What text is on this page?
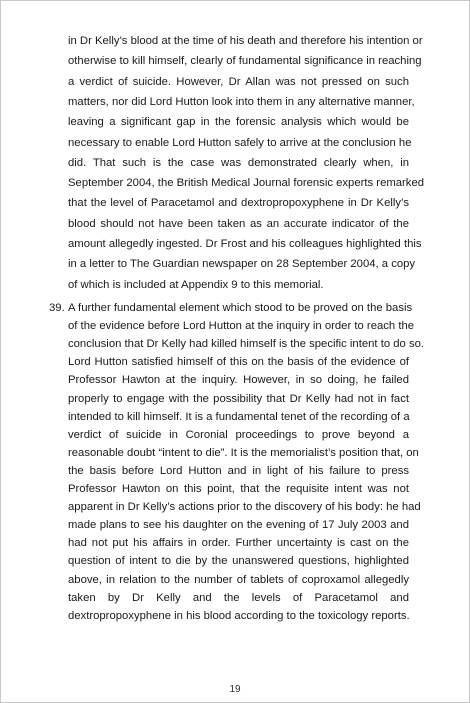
in Dr Kelly’s blood at the time of his death and therefore his intention or
otherwise to kill himself, clearly of fundamental significance in reaching
a verdict of suicide. However, Dr Allan was not pressed on such
matters, nor did Lord Hutton look into them in any alternative manner,
leaving a significant gap in the forensic analysis which would be
necessary to enable Lord Hutton safely to arrive at the conclusion he
did. That such is the case was demonstrated clearly when, in
September 2004, the British Medical Journal forensic experts remarked
that the level of Paracetamol and dextropropoxyphene in Dr Kelly’s
blood should not have been taken as an accurate indicator of the
amount allegedly ingested. Dr Frost and his colleagues highlighted this
in a letter to The Guardian newspaper on 28 September 2004, a copy
of which is included at Appendix 9 to this memorial.
39. A further fundamental element which stood to be proved on the basis
of the evidence before Lord Hutton at the inquiry in order to reach the
conclusion that Dr Kelly had killed himself is the specific intent to do so.
Lord Hutton satisfied himself of this on the basis of the evidence of
Professor Hawton at the inquiry. However, in so doing, he failed
properly to engage with the possibility that Dr Kelly had not in fact
intended to kill himself. It is a fundamental tenet of the recording of a
verdict of suicide in Coronial proceedings to prove beyond a
reasonable doubt “intent to die”. It is the memorialist’s position that, on
the basis before Lord Hutton and in light of his failure to press
Professor Hawton on this point, that the requisite intent was not
apparent in Dr Kelly’s actions prior to the discovery of his body: he had
made plans to see his daughter on the evening of 17 July 2003 and
had not put his affairs in order. Further uncertainty is cast on the
question of intent to die by the unanswered questions, highlighted
above, in relation to the number of tablets of coproxamol allegedly
taken by Dr Kelly and the levels of Paracetamol and
dextropropoxyphene in his blood according to the toxicology reports.
19
